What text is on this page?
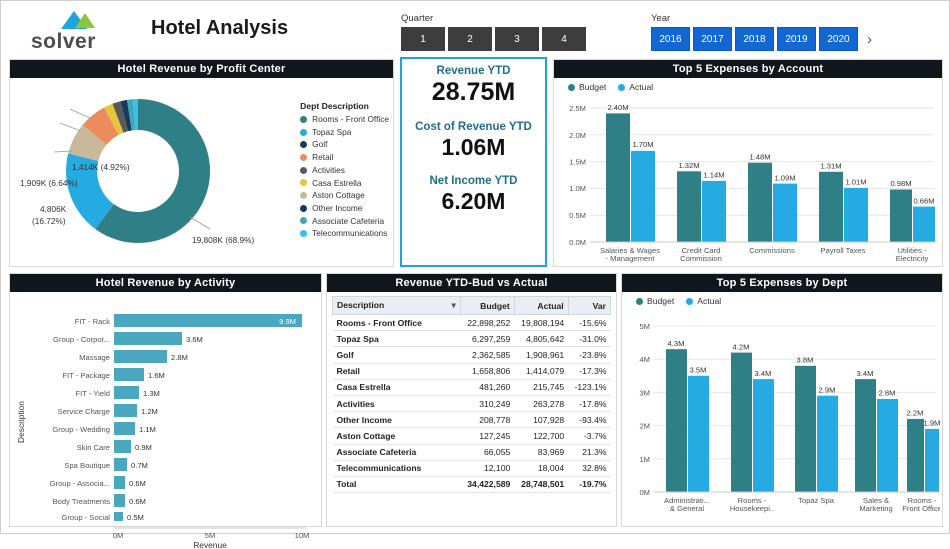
solver
Hotel Analysis	Quarter
1	2	3	4
Year
2016	2017	2018	2019	2020	›
Hotel Revenue by Profit Center
1,414K (4.92%)
1,909K (6.64%)
4,806K
(16.72%)
19,808K (68.9%)
Dept Description
Rooms - Front Office
Topaz Spa
Golf
Retail
Activities
Casa Estrella
Aston Cottage
Other Income
Associate Cafeteria
Telecommunications
Revenue YTD
28.75M
Cost of Revenue YTD
1.06M
Net Income YTD
6.20M
Top 5 Expenses by Account
Budget	Actual
0.0M
0.5M
1.0M
1.5M
2.0M
2.5M	2.40M
1.70M
1.32M
1.14M
1.48M
1.09M
1.31M
1.01M	0.98M
0.66M
Salaries & Wages
- Management
Credit Card
Commission
Commissions	Payroll Taxes	Utilities -
Electricity
Hotel Revenue by Activity
Description
9.9M
3.6M
2.8M
1.6M
1.3M
1.2M
1.1M
0.9M
0.7M
0.6M
0.6M
0.5M
FIT - Rack
Group - Corpor...
Massage
FIT - Package
FIT - Yield
Service Charge
Group - Wedding
Skin Care
Spa Boutique
Group - Associa...
Body Treatments
Group - Social
0M	5M	10M
Revenue
Revenue YTD-Bud vs Actual
Description ▾	Budget	Actual	Var
Rooms - Front Office	22,898,252	19,808,194	-15.6%
Topaz Spa	6,297,259	4,805,642	-31.0%
Golf	2,362,585	1,908,961	-23.8%
Retail	1,658,806	1,414,079	-17.3%
Casa Estrella	481,260	215,745	-123.1%
Activities	310,249	263,278	-17.8%
Other Income	208,778	107,928	-93.4%
Aston Cottage	127,245	122,700	-3.7%
Associate Cafeteria	66,055	83,969	21.3%
Telecommunications	12,100	18,004	32.8%
Total	34,422,589	28,748,501	-19.7%
Top 5 Expenses by Dept
Budget	Actual
0M
1M
2M
3M
4M
5M
4.3M
3.5M
4.2M
3.4M
3.8M
2.9M
3.4M
2.8M
2.2M
1.9M
Administrati...
& General
Rooms -
Housekeepi..
Topaz Spa	Sales &
Marketing
Rooms -
Front Office
